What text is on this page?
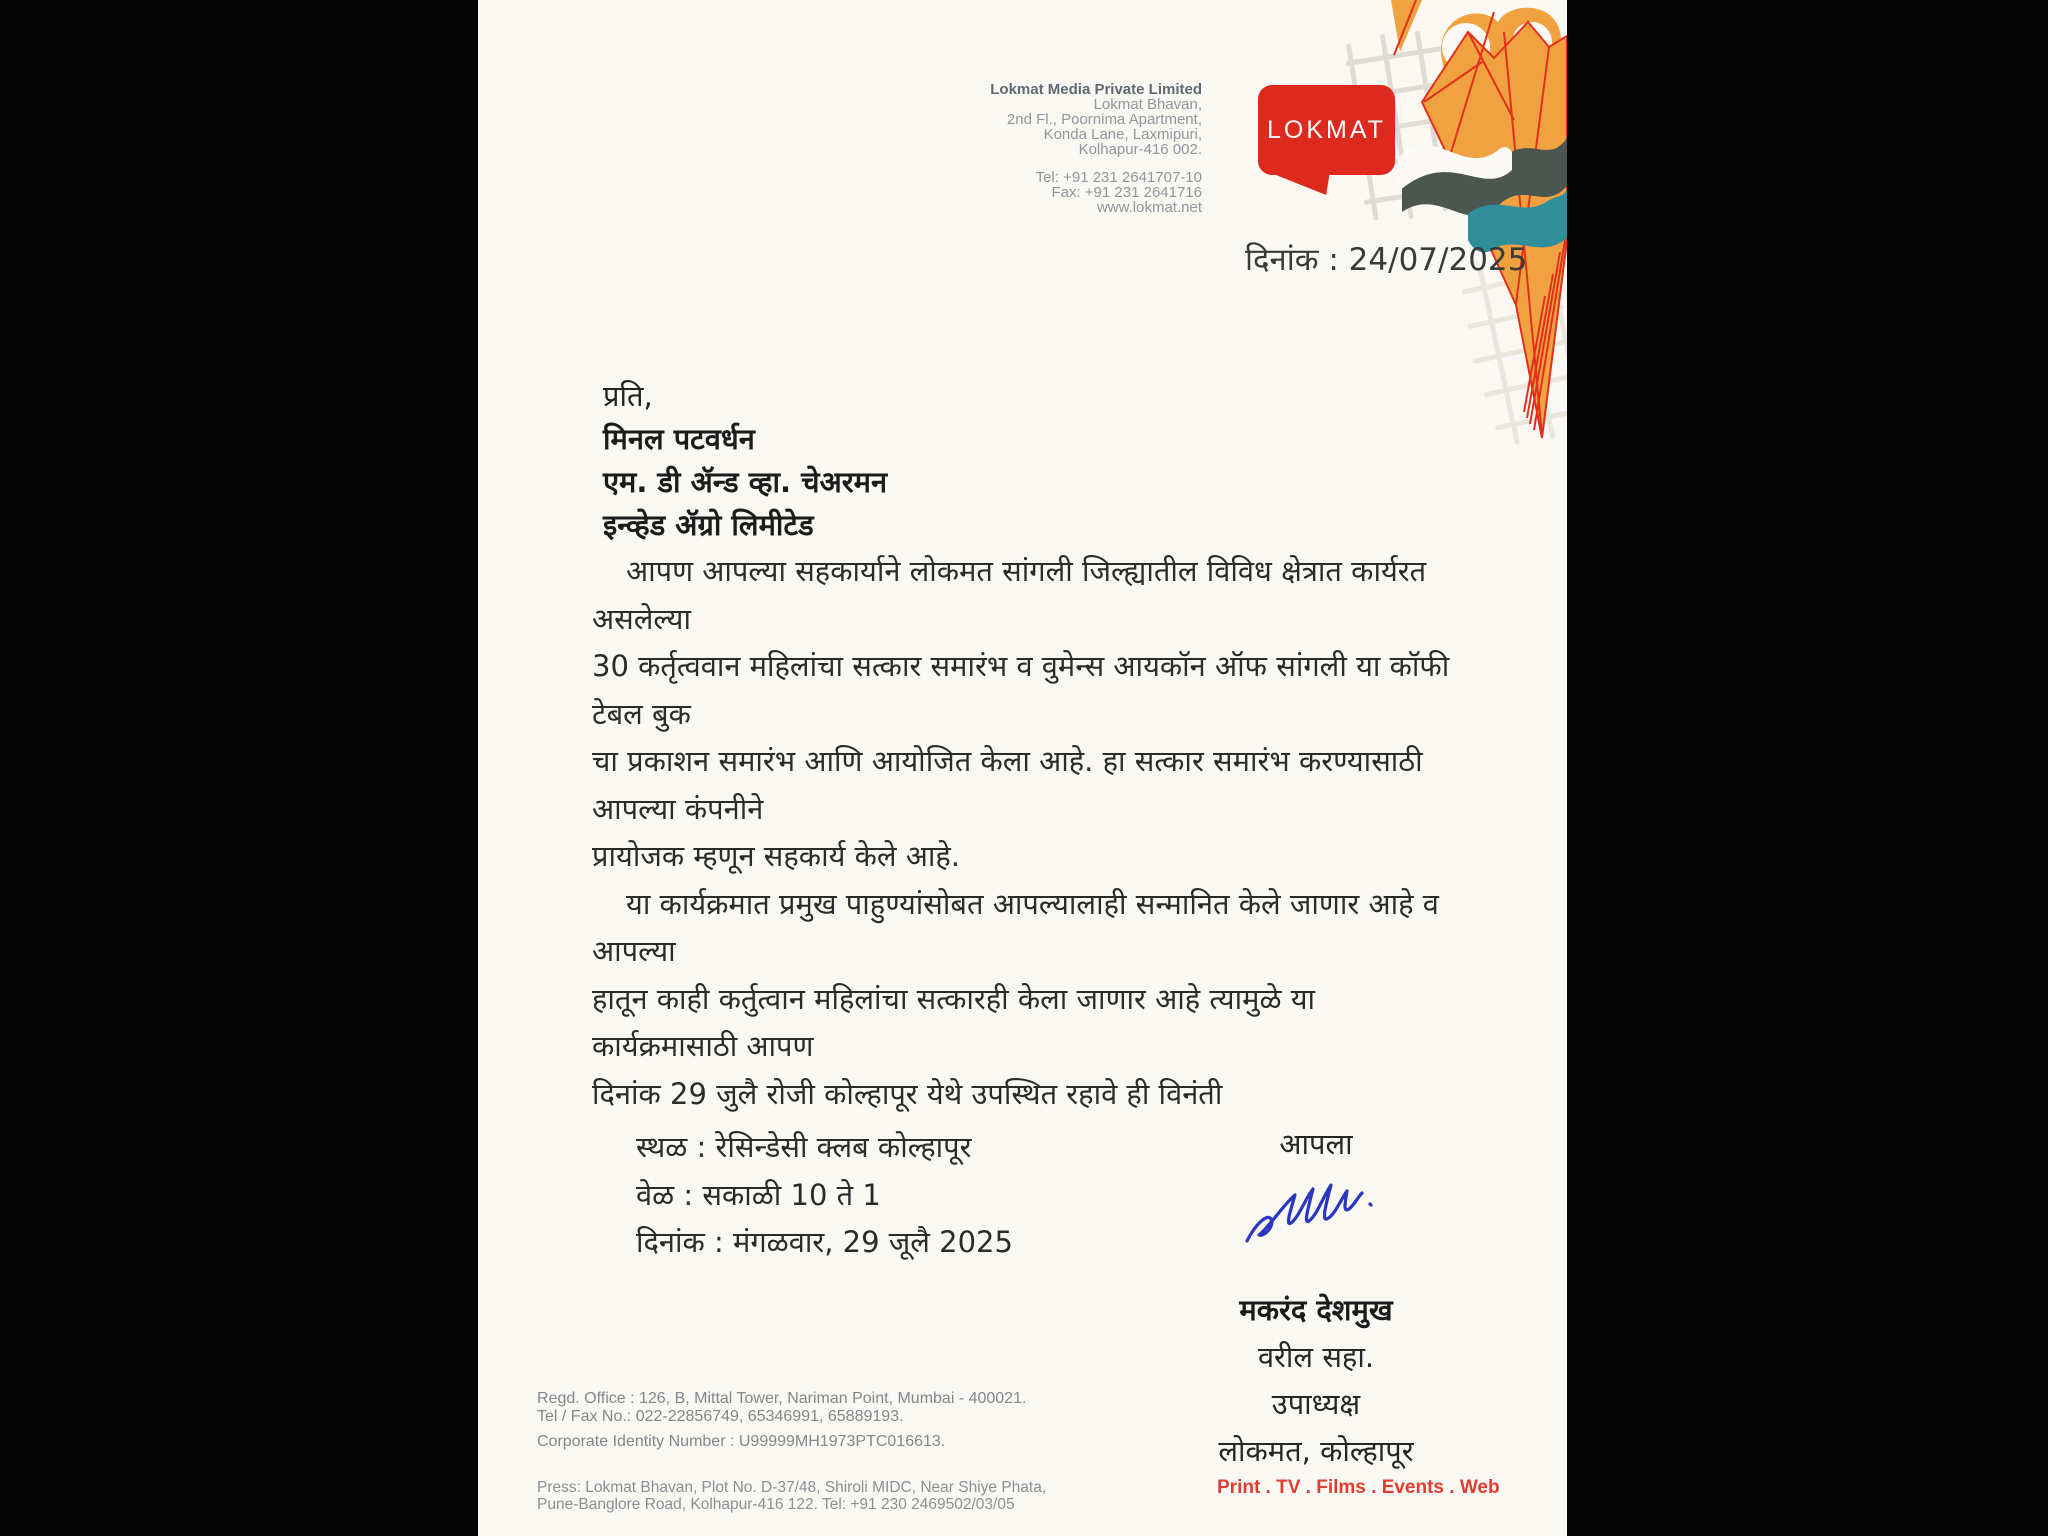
Lokmat Media Private Limited
Lokmat Bhavan,
2nd Fl., Poornima Apartment,
Konda Lane, Laxmipuri,
Kolhapur-416 002.
Tel: +91 231 2641707-10
Fax: +91 231 2641716
www.lokmat.net
LOKMAT
दिनांक : 24/07/2025
प्रति,
मिनल पटवर्धन
एम. डी ॲन्ड व्हा. चेअरमन
इन्व्हेड ॲग्रो लिमीटेड
आपण आपल्या सहकार्याने लोकमत सांगली जिल्ह्यातील विविध क्षेत्रात कार्यरत असलेल्या
30 कर्तृत्ववान महिलांचा सत्कार समारंभ व वुमेन्स आयकॉन ऑफ सांगली या कॉफी टेबल बुक
चा प्रकाशन समारंभ आणि आयोजित केला आहे. हा सत्कार समारंभ करण्यासाठी आपल्या कंपनीने
प्रायोजक म्हणून सहकार्य केले आहे.
या कार्यक्रमात प्रमुख पाहुण्यांसोबत आपल्यालाही सन्मानित केले जाणार आहे व आपल्या
हातून काही कर्तुत्वान महिलांचा सत्कारही केला जाणार आहे त्यामुळे या कार्यक्रमासाठी आपण
दिनांक 29 जुलै रोजी कोल्हापूर येथे उपस्थित रहावे ही विनंती
स्थळ : रेसिन्डेसी क्लब कोल्हापूर
वेळ : सकाळी 10 ते 1
दिनांक : मंगळवार, 29 जूलै 2025
आपला
मकरंद देशमुख
वरील सहा. उपाध्यक्ष
लोकमत, कोल्हापूर
Regd. Office : 126, B, Mittal Tower, Nariman Point, Mumbai - 400021.
Tel / Fax No.: 022-22856749, 65346991, 65889193.
Corporate Identity Number : U99999MH1973PTC016613.
Press: Lokmat Bhavan, Plot No. D-37/48, Shiroli MIDC, Near Shiye Phata,
Pune-Banglore Road, Kolhapur-416 122. Tel: +91 230 2469502/03/05
Print . TV . Films . Events . Web
